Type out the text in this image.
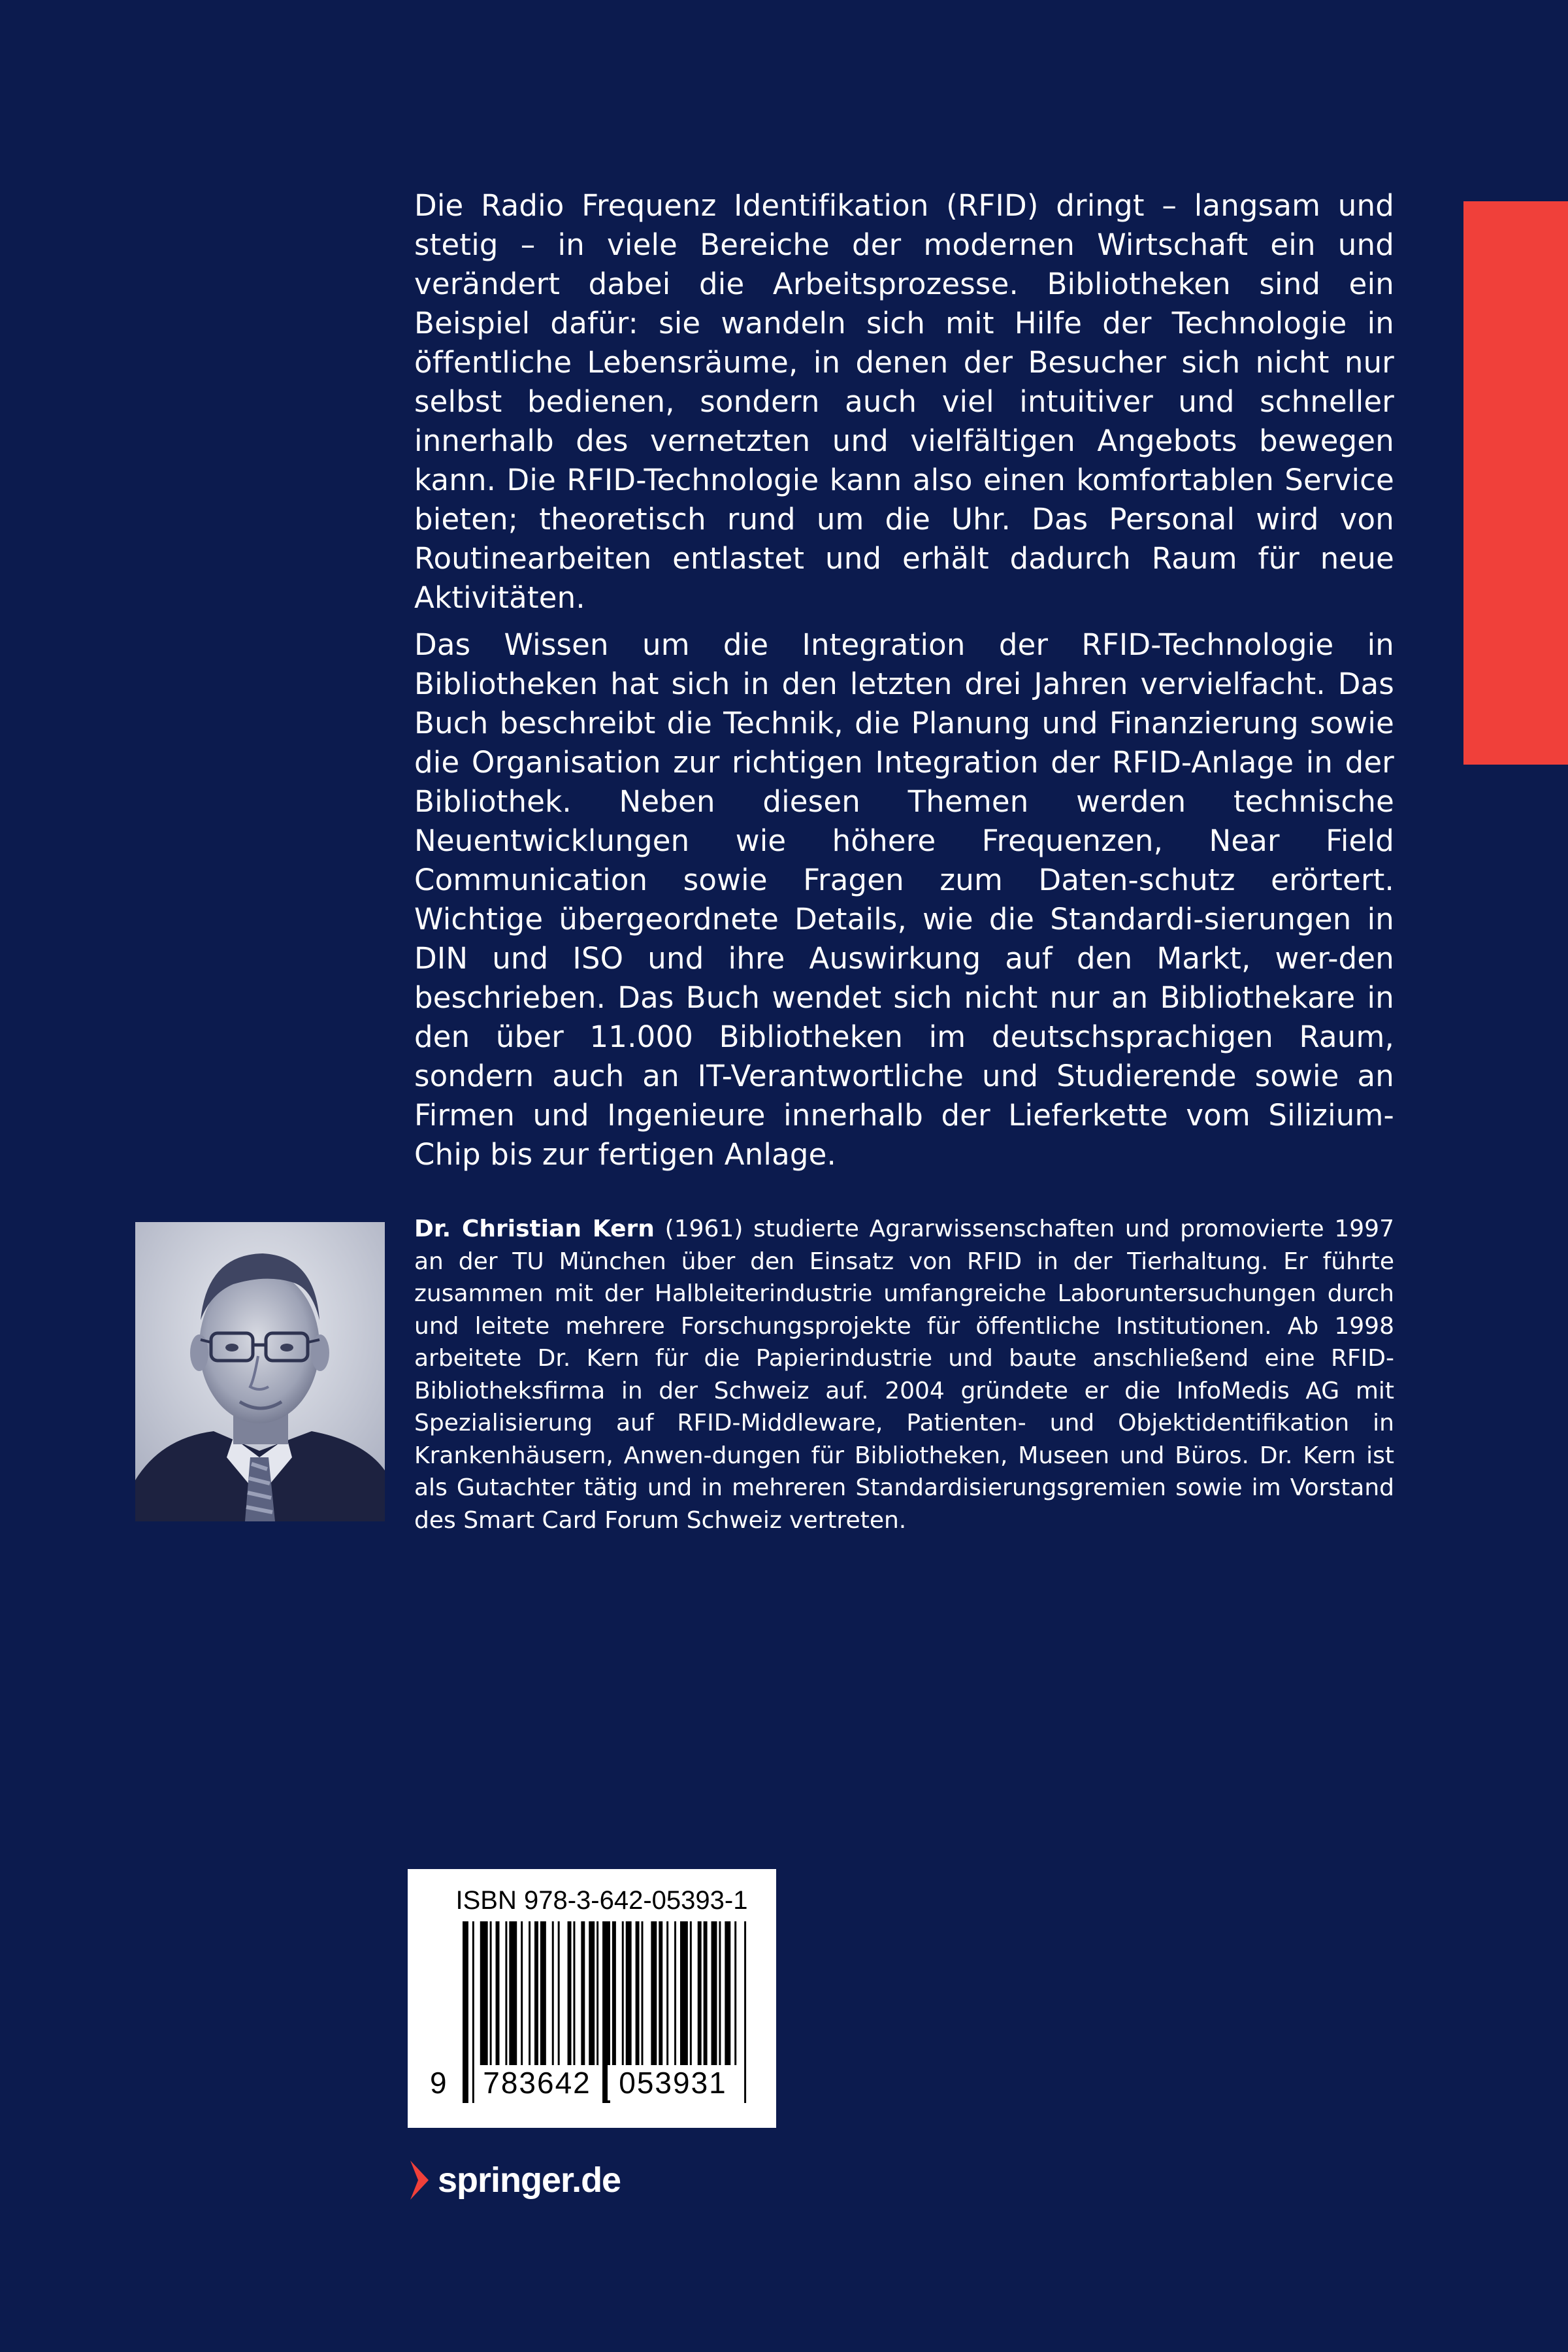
Die Radio Frequenz Identifikation (RFID) dringt – langsam und stetig – in viele Bereiche der modernen Wirtschaft ein und verändert dabei die Arbeitsprozesse. Bibliotheken sind ein Beispiel dafür: sie wandeln sich mit Hilfe der Technologie in öffentliche Lebensräume, in denen der Besucher sich nicht nur selbst bedienen, sondern auch viel intuitiver und schneller innerhalb des vernetzten und vielfältigen Angebots bewegen kann. Die RFID-Technologie kann also einen komfortablen Service bieten; theoretisch rund um die Uhr. Das Personal wird von Routinearbeiten entlastet und erhält dadurch Raum für neue Aktivitäten.

Das Wissen um die Integration der RFID-Technologie in Bibliotheken hat sich in den letzten drei Jahren vervielfacht. Das Buch beschreibt die Technik, die Planung und Finanzierung sowie die Organisation zur richtigen Integration der RFID-Anlage in der Bibliothek. Neben diesen Themen werden technische Neuentwicklungen wie höhere Frequenzen, Near Field Communication sowie Fragen zum Daten-schutz erörtert. Wichtige übergeordnete Details, wie die Standardi-sierungen in DIN und ISO und ihre Auswirkung auf den Markt, wer-den beschrieben. Das Buch wendet sich nicht nur an Bibliothekare in den über 11.000 Bibliotheken im deutschsprachigen Raum, sondern auch an IT-Verantwortliche und Studierende sowie an Firmen und Ingenieure innerhalb der Lieferkette vom Silizium-Chip bis zur fertigen Anlage.

Dr. Christian Kern (1961) studierte Agrarwissenschaften und promovierte 1997 an der TU München über den Einsatz von RFID in der Tierhaltung. Er führte zusammen mit der Halbleiterindustrie umfangreiche Laboruntersuchungen durch und leitete mehrere Forschungsprojekte für öffentliche Institutionen. Ab 1998 arbeitete Dr. Kern für die Papierindustrie und baute anschließend eine RFID-Bibliotheksfirma in der Schweiz auf. 2004 gründete er die InfoMedis AG mit Spezialisierung auf RFID-Middleware, Patienten- und Objektidentifikation in Krankenhäusern, Anwen-dungen für Bibliotheken, Museen und Büros. Dr. Kern ist als Gutachter tätig und in mehreren Standardisierungsgremien sowie im Vorstand des Smart Card Forum Schweiz vertreten.

ISBN 978-3-642-05393-1
9 783642 053931
springer.de
